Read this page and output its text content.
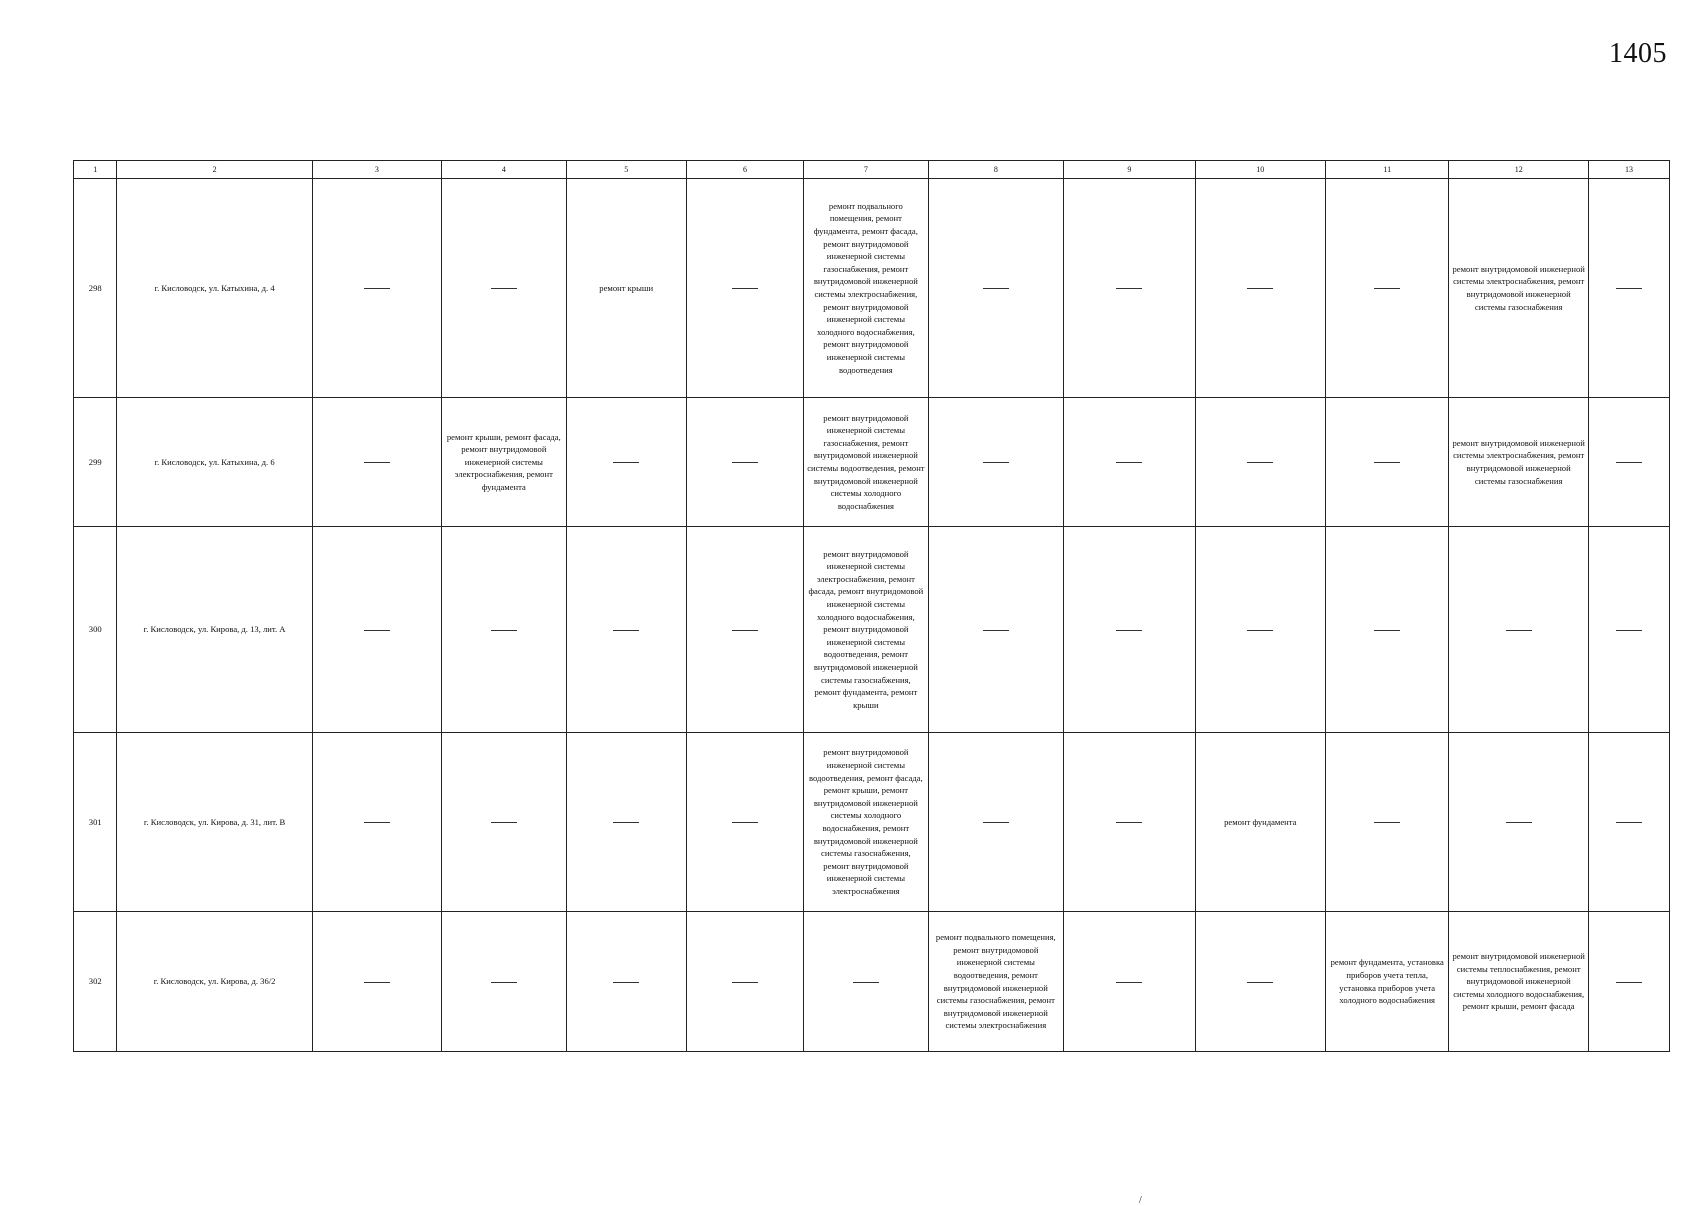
1405
1	2	3	4	5	6	7	8	9	10	11	12	13
298	г. Кисловодск, ул. Катыхина, д. 4			ремонт крыши		ремонт подвального помещения, ремонт фундамента, ремонт фасада, ремонт внутридомовой инженерной системы газоснабжения, ремонт внутридомовой инженерной системы электроснабжения, ремонт внутридомовой инженерной системы холодного водоснабжения, ремонт внутридомовой инженерной системы водоотведения					ремонт внутридомовой инженерной системы электроснабжения, ремонт внутридомовой инженерной системы газоснабжения	
299	г. Кисловодск, ул. Катыхина, д. 6		ремонт крыши, ремонт фасада, ремонт внутридомовой инженерной системы электроснабжения, ремонт фундамента			ремонт внутридомовой инженерной системы газоснабжения, ремонт внутридомовой инженерной системы водоотведения, ремонт внутридомовой инженерной системы холодного водоснабжения					ремонт внутридомовой инженерной системы электроснабжения, ремонт внутридомовой инженерной системы газоснабжения	
300	г. Кисловодск, ул. Кирова, д. 13, лит. А					ремонт внутридомовой инженерной системы электроснабжения, ремонт фасада, ремонт внутридомовой инженерной системы холодного водоснабжения, ремонт внутридомовой инженерной системы водоотведения, ремонт внутридомовой инженерной системы газоснабжения, ремонт фундамента, ремонт крыши						
301	г. Кисловодск, ул. Кирова, д. 31, лит. В					ремонт внутридомовой инженерной системы водоотведения, ремонт фасада, ремонт крыши, ремонт внутридомовой инженерной системы холодного водоснабжения, ремонт внутридомовой инженерной системы газоснабжения, ремонт внутридомовой инженерной системы электроснабжения			ремонт фундамента			
302	г. Кисловодск, ул. Кирова, д. 36/2						ремонт подвального помещения, ремонт внутридомовой инженерной системы водоотведения, ремонт внутридомовой инженерной системы газоснабжения, ремонт внутридомовой инженерной системы электроснабжения			ремонт фундамента, установка приборов учета тепла, установка приборов учета холодного водоснабжения	ремонт внутридомовой инженерной системы теплоснабжения, ремонт внутридомовой инженерной системы холодного водоснабжения, ремонт крыши, ремонт фасада	
/
